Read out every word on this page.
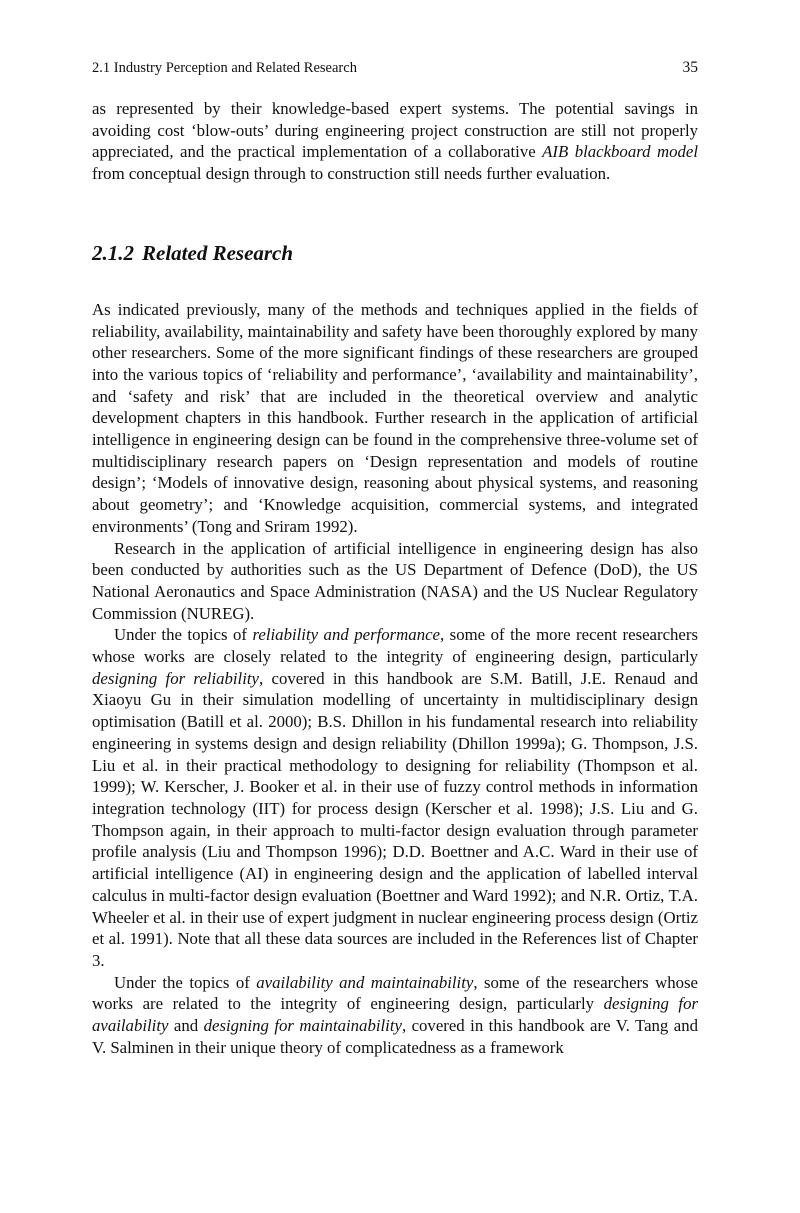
2.1 Industry Perception and Related Research	35

as represented by their knowledge-based expert systems. The potential savings in avoiding cost ‘blow-outs’ during engineering project construction are still not properly appreciated, and the practical implementation of a collaborative AIB blackboard model from conceptual design through to construction still needs further evaluation.

2.1.2 Related Research

As indicated previously, many of the methods and techniques applied in the fields of reliability, availability, maintainability and safety have been thoroughly explored by many other researchers. Some of the more significant findings of these researchers are grouped into the various topics of ‘reliability and performance’, ‘availability and maintainability’, and ‘safety and risk’ that are included in the theoretical overview and analytic development chapters in this handbook. Further research in the application of artificial intelligence in engineering design can be found in the comprehensive three-volume set of multidisciplinary research papers on ‘Design representation and models of routine design’; ‘Models of innovative design, reasoning about physical systems, and reasoning about geometry’; and ‘Knowledge acquisition, commercial systems, and integrated environments’ (Tong and Sriram 1992).

Research in the application of artificial intelligence in engineering design has also been conducted by authorities such as the US Department of Defence (DoD), the US National Aeronautics and Space Administration (NASA) and the US Nuclear Regulatory Commission (NUREG).

Under the topics of reliability and performance, some of the more recent researchers whose works are closely related to the integrity of engineering design, particularly designing for reliability, covered in this handbook are S.M. Batill, J.E. Renaud and Xiaoyu Gu in their simulation modelling of uncertainty in multidisciplinary design optimisation (Batill et al. 2000); B.S. Dhillon in his fundamental research into reliability engineering in systems design and design reliability (Dhillon 1999a); G. Thompson, J.S. Liu et al. in their practical methodology to designing for reliability (Thompson et al. 1999); W. Kerscher, J. Booker et al. in their use of fuzzy control methods in information integration technology (IIT) for process design (Kerscher et al. 1998); J.S. Liu and G. Thompson again, in their approach to multi-factor design evaluation through parameter profile analysis (Liu and Thompson 1996); D.D. Boettner and A.C. Ward in their use of artificial intelligence (AI) in engineering design and the application of labelled interval calculus in multi-factor design evaluation (Boettner and Ward 1992); and N.R. Ortiz, T.A. Wheeler et al. in their use of expert judgment in nuclear engineering process design (Ortiz et al. 1991). Note that all these data sources are included in the References list of Chapter 3.

Under the topics of availability and maintainability, some of the researchers whose works are related to the integrity of engineering design, particularly designing for availability and designing for maintainability, covered in this handbook are V. Tang and V. Salminen in their unique theory of complicatedness as a framework
